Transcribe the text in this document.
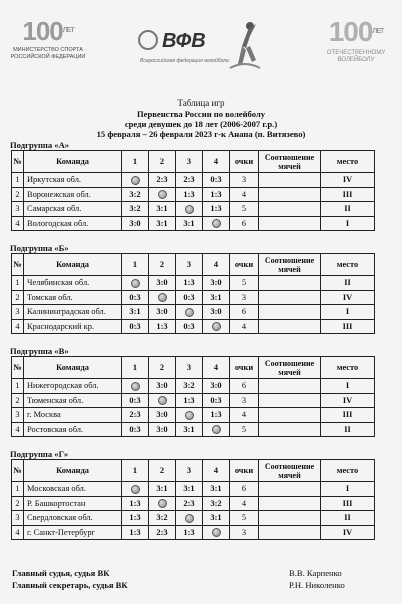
$100^{ЛЕТ}$
МИНИСТЕРСТВО СПОРТА
РОССИЙСКОЙ ФЕДЕРАЦИИ
ВФВ
Всероссийская федерация волейбола
$100^{ЛЕТ}$
ОТЕЧЕСТВЕННОМУ
ВОЛЕЙБОЛУ
Таблица игр
Первенства России по волейболу
среди девушек до 18 лет (2006-2007 г.р.)
15 февраля – 26 февраля 2023 г-к Анапа (п. Витязево)
Подгруппа «А»
№	Команда	1	2	3	4	очки	Соотношение мячей	место
1	Иркутская обл.		2:3	2:3	0:3	3		IV
2	Воронежская обл.	3:2		1:3	1:3	4		III
3	Самарская обл.	3:2	3:1		1:3	5		II
4	Вологодская обл.	3:0	3:1	3:1		6		I
Подгруппа «Б»
№	Команда	1	2	3	4	очки	Соотношение мячей	место
1	Челябинская обл.		3:0	1:3	3:0	5		II
2	Томская обл.	0:3		0:3	3:1	3		IV
3	Калининградская обл.	3:1	3:0		3:0	6		I
4	Краснодарский кр.	0:3	1:3	0:3		4		III
Подгруппа «В»
№	Команда	1	2	3	4	очки	Соотношение мячей	место
1	Нижегородская обл.		3:0	3:2	3:0	6		I
2	Тюменская обл.	0:3		1:3	0:3	3		IV
3	г. Москва	2:3	3:0		1:3	4		III
4	Ростовская обл.	0:3	3:0	3:1		5		II
Подгруппа «Г»
№	Команда	1	2	3	4	очки	Соотношение мячей	место
1	Московская обл.		3:1	3:1	3:1	6		I
2	Р. Башкортостан	1:3		2:3	3:2	4		III
3	Свердловская обл.	1:3	3:2		3:1	5		II
4	г. Санкт-Петербург	1:3	2:3	1:3		3		IV
Главный судья, судья ВК	В.В. Карпенко
Главный секретарь, судья ВК	Р.Н. Николенко
